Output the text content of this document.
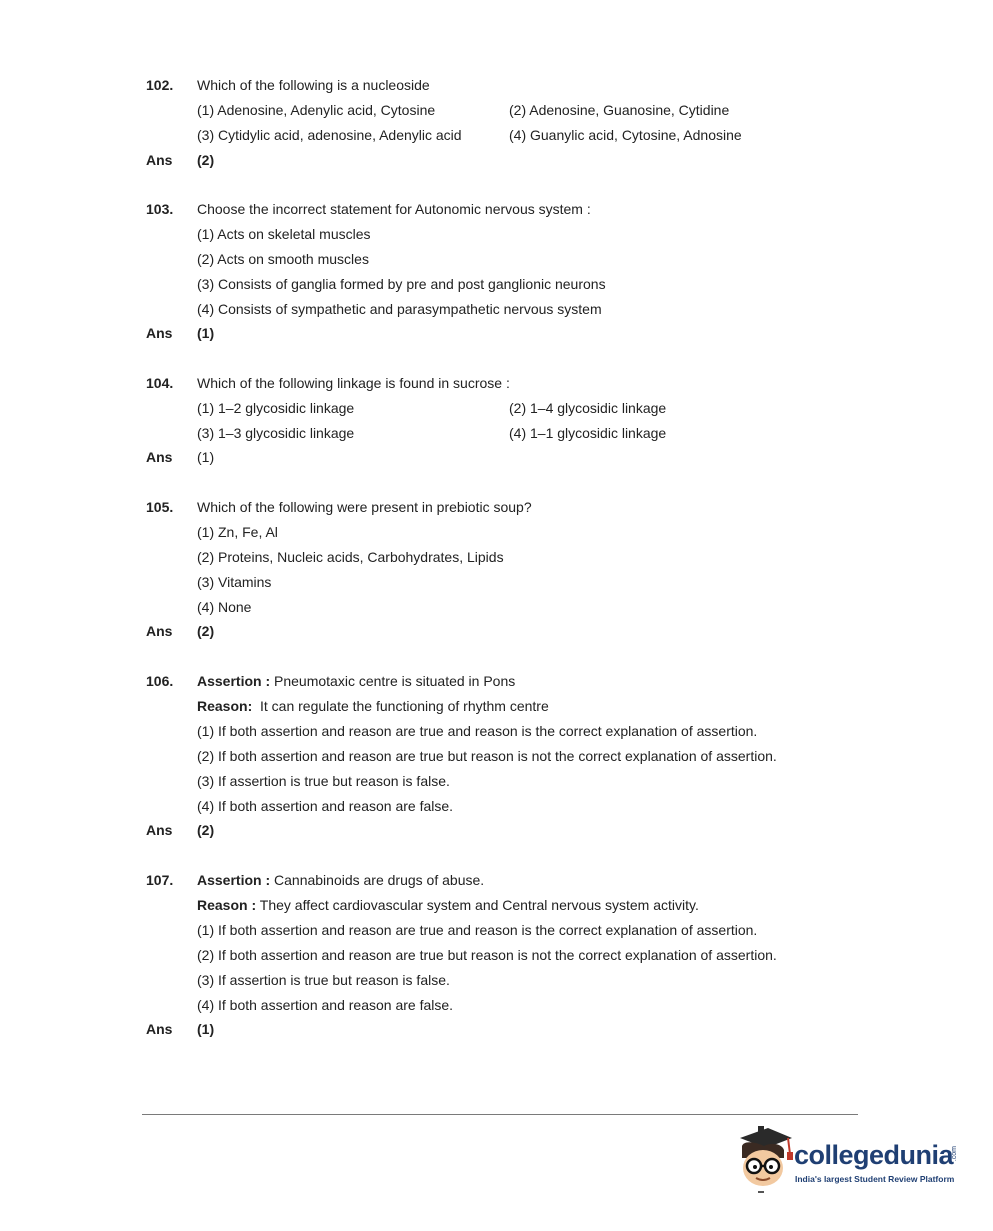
102. Which of the following is a nucleoside
(1) Adenosine, Adenylic acid, Cytosine	(2) Adenosine, Guanosine, Cytidine
(3) Cytidylic acid, adenosine, Adenylic acid	(4) Guanylic acid, Cytosine, Adnosine
Ans (2)
103. Choose the incorrect statement for Autonomic nervous system :
(1) Acts on skeletal muscles
(2) Acts on smooth muscles
(3) Consists of ganglia formed by pre and post ganglionic neurons
(4) Consists of sympathetic and parasympathetic nervous system
Ans (1)
104. Which of the following linkage is found in sucrose :
(1) 1–2 glycosidic linkage	(2) 1–4 glycosidic linkage
(3) 1–3 glycosidic linkage	(4) 1–1 glycosidic linkage
Ans (1)
105. Which of the following were present in prebiotic soup?
(1) Zn, Fe, Al
(2) Proteins, Nucleic acids, Carbohydrates, Lipids
(3) Vitamins
(4) None
Ans (2)
106. Assertion : Pneumotaxic centre is situated in Pons
Reason: It can regulate the functioning of rhythm centre
(1) If both assertion and reason are true and reason is the correct explanation of assertion.
(2) If both assertion and reason are true but reason is not the correct explanation of assertion.
(3) If assertion is true but reason is false.
(4) If both assertion and reason are false.
Ans (2)
107. Assertion : Cannabinoids are drugs of abuse.
Reason : They affect cardiovascular system and Central nervous system activity.
(1) If both assertion and reason are true and reason is the correct explanation of assertion.
(2) If both assertion and reason are true but reason is not the correct explanation of assertion.
(3) If assertion is true but reason is false.
(4) If both assertion and reason are false.
Ans (1)
collegedunia
.com
India's largest Student Review Platform
